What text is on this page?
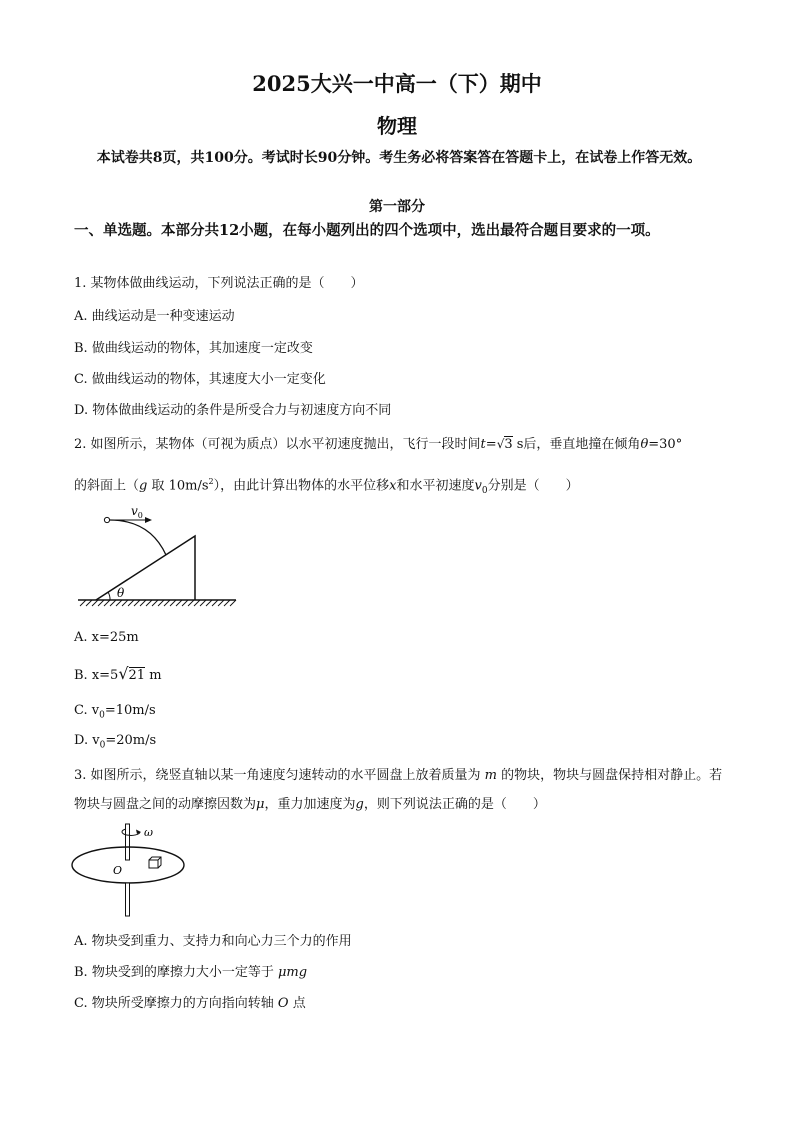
2025大兴一中高一（下）期中
物理
本试卷共8页，共100分。考试时长90分钟。考生务必将答案答在答题卡上，在试卷上作答无效。
第一部分
一、单选题。本部分共12小题，在每小题列出的四个选项中，选出最符合题目要求的一项。
1. 某物体做曲线运动，下列说法正确的是（　　）
A. 曲线运动是一种变速运动
B. 做曲线运动的物体，其加速度一定改变
C. 做曲线运动的物体，其速度大小一定变化
D. 物体做曲线运动的条件是所受合力与初速度方向不同
2. 如图所示，某物体（可视为质点）以水平初速度抛出，飞行一段时间t=√3 s后，垂直地撞在倾角θ=30°
的斜面上（g 取 $10m/s^2$），由此计算出物体的水平位移x和水平初速度$v_0$分别是（　　）
θ
$v_0$
A. x=25m
B. x=5√21 m
C. $v_0=10m/s$
D. $v_0=20m/s$
3. 如图所示，绕竖直轴以某一角速度匀速转动的水平圆盘上放着质量为 m 的物块，物块与圆盘保持相对静止。若物块与圆盘之间的动摩擦因数为μ，重力加速度为g，则下列说法正确的是（　　）
ω
O
A. 物块受到重力、支持力和向心力三个力的作用
B. 物块受到的摩擦力大小一定等于 μmg
C. 物块所受摩擦力的方向指向转轴 O 点
